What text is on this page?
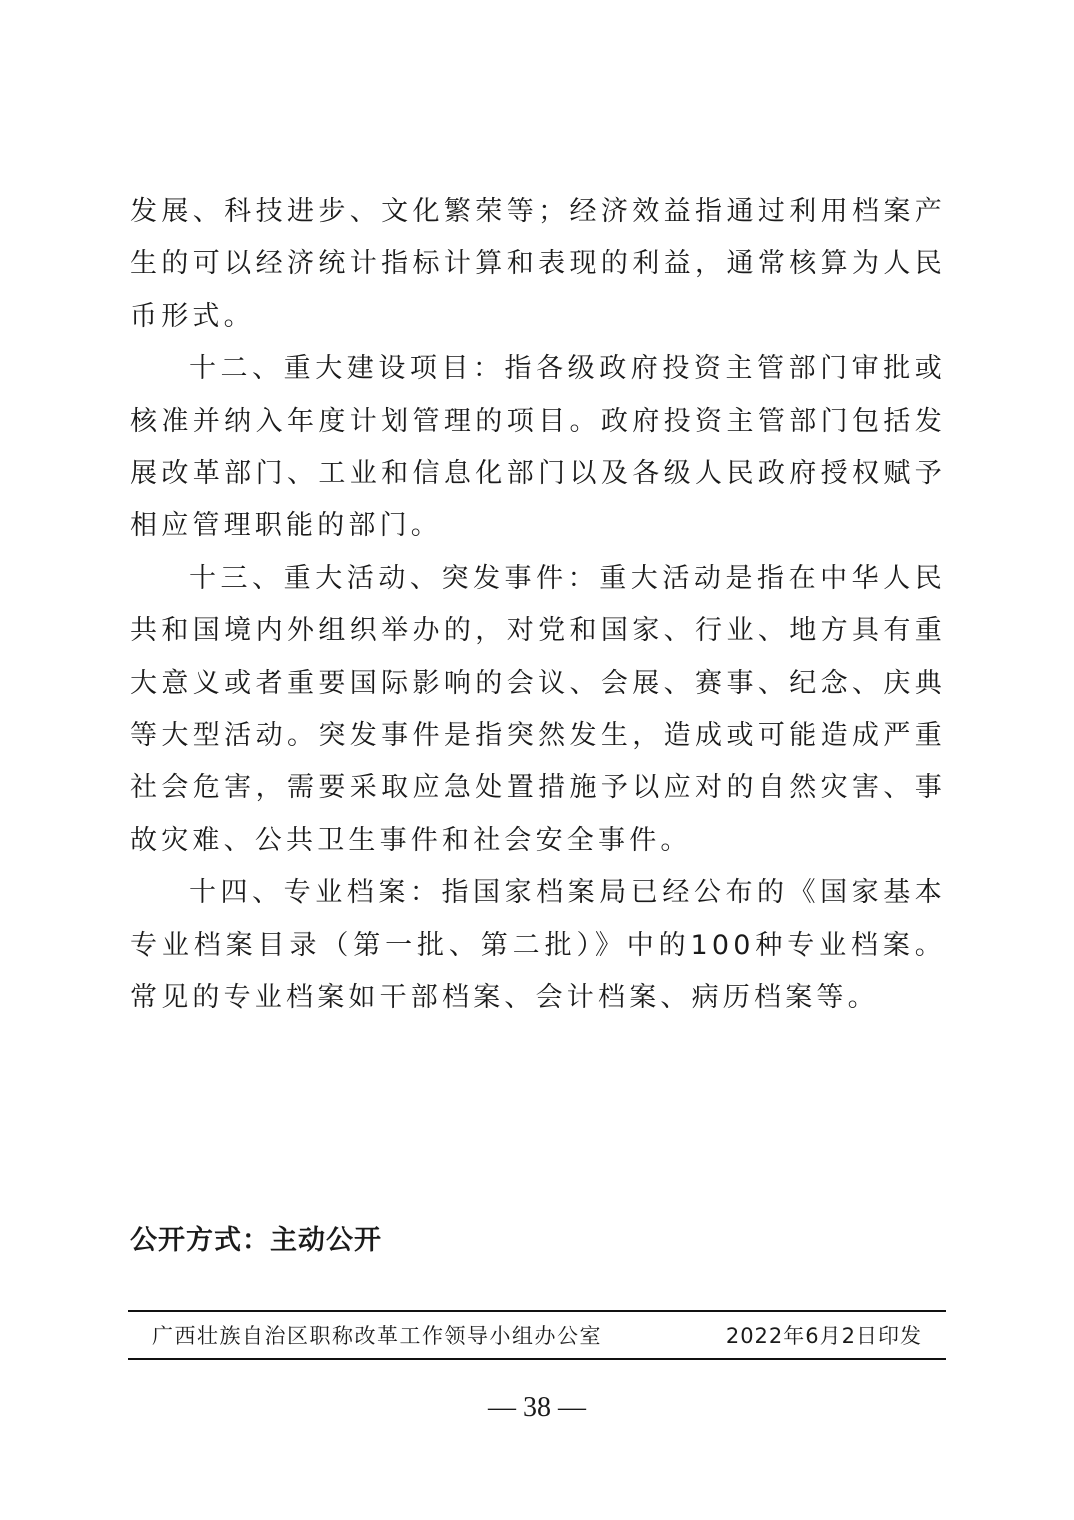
发展、科技进步、文化繁荣等；经济效益指通过利用档案产生的可以经济统计指标计算和表现的利益，通常核算为人民币形式。

十二、重大建设项目：指各级政府投资主管部门审批或核准并纳入年度计划管理的项目。政府投资主管部门包括发展改革部门、工业和信息化部门以及各级人民政府授权赋予相应管理职能的部门。

十三、重大活动、突发事件：重大活动是指在中华人民共和国境内外组织举办的，对党和国家、行业、地方具有重大意义或者重要国际影响的会议、会展、赛事、纪念、庆典等大型活动。突发事件是指突然发生，造成或可能造成严重社会危害，需要采取应急处置措施予以应对的自然灾害、事故灾难、公共卫生事件和社会安全事件。

十四、专业档案：指国家档案局已经公布的《国家基本专业档案目录（第一批、第二批）》中的100种专业档案。常见的专业档案如干部档案、会计档案、病历档案等。

公开方式：主动公开
广西壮族自治区职称改革工作领导小组办公室	2022年6月2日印发
— 38 —
